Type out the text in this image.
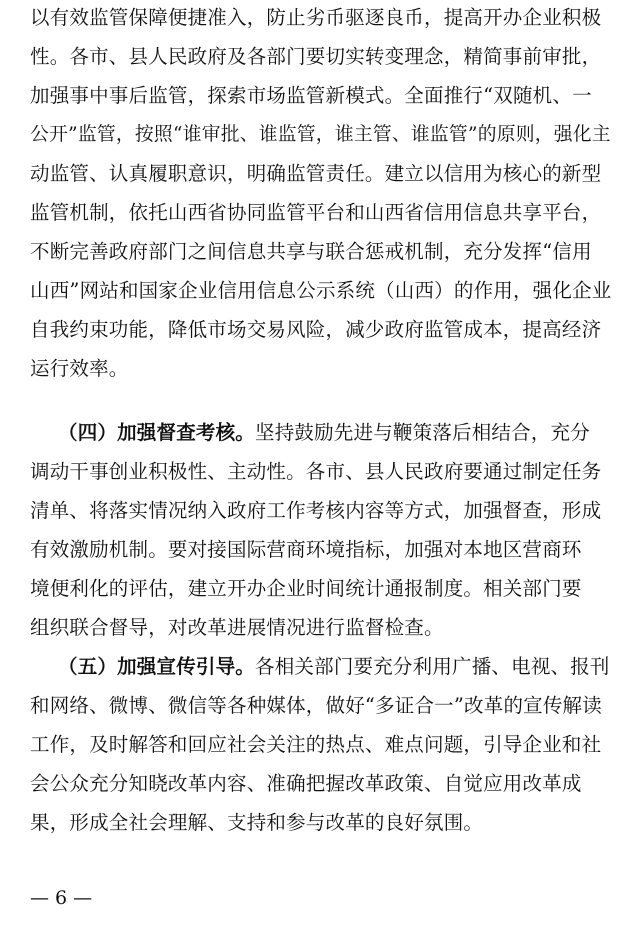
以有效监管保障便捷准入，防止劣币驱逐良币，提高开办企业积极
性。各市、县人民政府及各部门要切实转变理念，精简事前审批，
加强事中事后监管，探索市场监管新模式。全面推行“双随机、一
公开”监管，按照“谁审批、谁监管，谁主管、谁监管”的原则，强化主
动监管、认真履职意识，明确监管责任。建立以信用为核心的新型
监管机制，依托山西省协同监管平台和山西省信用信息共享平台，
不断完善政府部门之间信息共享与联合惩戒机制，充分发挥“信用
山西”网站和国家企业信用信息公示系统（山西）的作用，强化企业
自我约束功能，降低市场交易风险，减少政府监管成本，提高经济
运行效率。
（四）加强督查考核。坚持鼓励先进与鞭策落后相结合，充分
调动干事创业积极性、主动性。各市、县人民政府要通过制定任务
清单、将落实情况纳入政府工作考核内容等方式，加强督查，形成
有效激励机制。要对接国际营商环境指标，加强对本地区营商环
境便利化的评估，建立开办企业时间统计通报制度。相关部门要
组织联合督导，对改革进展情况进行监督检查。
（五）加强宣传引导。各相关部门要充分利用广播、电视、报刊
和网络、微博、微信等各种媒体，做好“多证合一”改革的宣传解读
工作，及时解答和回应社会关注的热点、难点问题，引导企业和社
会公众充分知晓改革内容、准确把握改革政策、自觉应用改革成
果，形成全社会理解、支持和参与改革的良好氛围。
— 6 —
